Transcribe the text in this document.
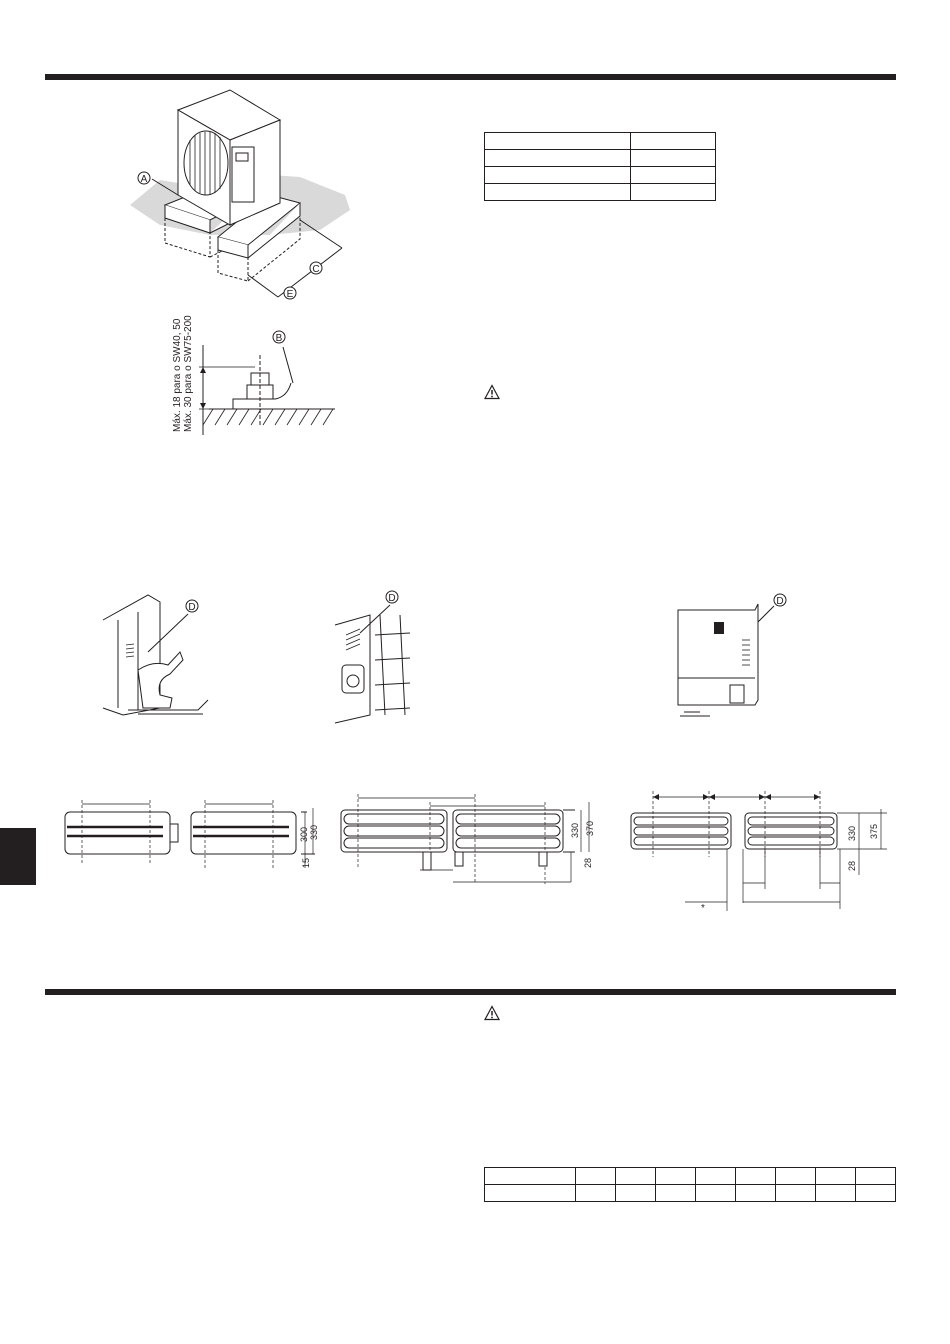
A
C
E
B
Máx. 18 para o SW40, 50 Máx. 30 para o SW75-200

D
D	D
300 330
15
330 370
28
330 375
28
*
